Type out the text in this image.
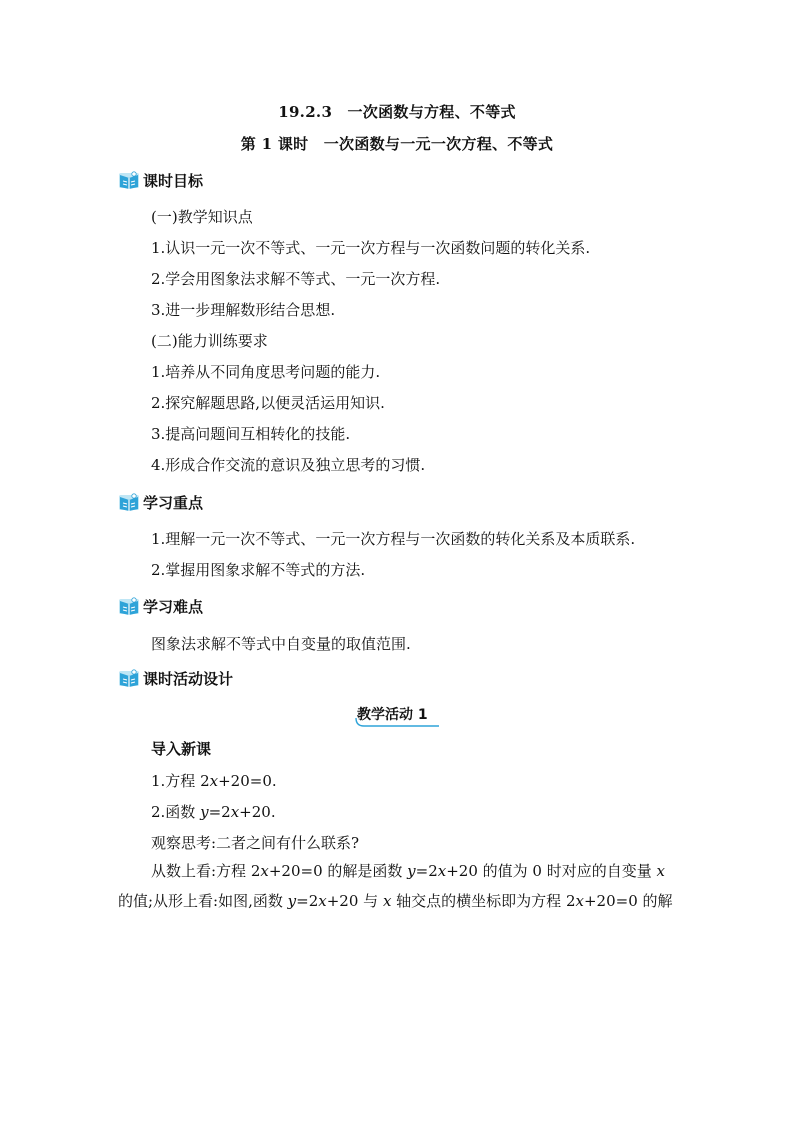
19.2.3　一次函数与方程、不等式
第 1 课时　一次函数与一元一次方程、不等式
课时目标
(一)教学知识点
1.认识一元一次不等式、一元一次方程与一次函数问题的转化关系.
2.学会用图象法求解不等式、一元一次方程.
3.进一步理解数形结合思想.
(二)能力训练要求
1.培养从不同角度思考问题的能力.
2.探究解题思路,以便灵活运用知识.
3.提高问题间互相转化的技能.
4.形成合作交流的意识及独立思考的习惯.
学习重点
1.理解一元一次不等式、一元一次方程与一次函数的转化关系及本质联系.
2.掌握用图象求解不等式的方法.
学习难点
图象法求解不等式中自变量的取值范围.
课时活动设计
教学活动 1
导入新课
1.方程 2x+20=0.
2.函数 y=2x+20.
观察思考:二者之间有什么联系?
从数上看:方程 2x+20=0 的解是函数 y=2x+20 的值为 0 时对应的自变量 x 的值;从形上看:如图,函数 y=2x+20 与 x 轴交点的横坐标即为方程 2x+20=0 的解
